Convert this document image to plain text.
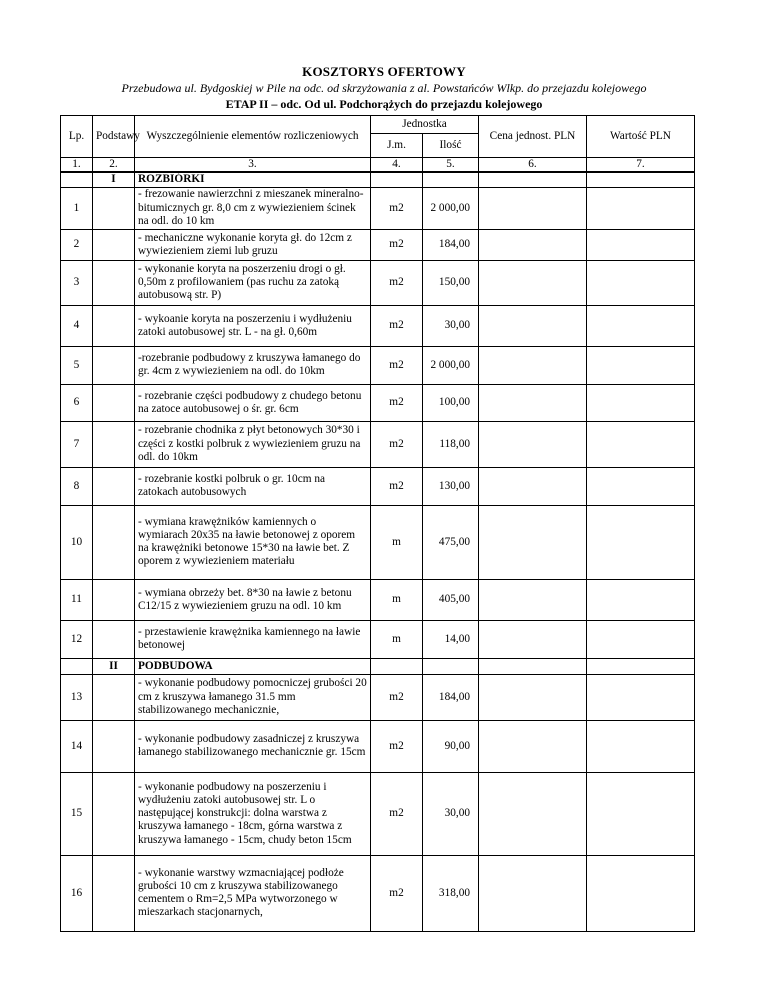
KOSZTORYS OFERTOWY
Przebudowa ul. Bydgoskiej w Pile na odc. od skrzyżowania z al. Powstańców Wlkp. do przejazdu kolejowego
ETAP II – odc. Od ul. Podchorążych do przejazdu kolejowego
Lp.	Podstawy	Wyszczególnienie elementów rozliczeniowych	Jednostka		Cena jednost. PLN	Wartość PLN
			J.m.	Ilość		
1.	2.	3.	4.	5.	6.	7.
	I	ROZBIÓRKI				
1		- frezowanie nawierzchni z mieszanek mineralno-bitumicznych gr. 8,0 cm z wywiezieniem ścinek na odl. do 10 km	m2	2 000,00		
2		- mechaniczne wykonanie koryta gł. do 12cm z wywiezieniem ziemi lub gruzu	m2	184,00		
3		- wykonanie koryta na poszerzeniu drogi o gł. 0,50m z profilowaniem (pas ruchu za zatoką autobusową str. P)	m2	150,00		
4		- wykoanie koryta na poszerzeniu i wydłużeniu zatoki autobusowej str. L - na gł. 0,60m	m2	30,00		
5		-rozebranie podbudowy z kruszywa łamanego do gr. 4cm z wywiezieniem na odl. do 10km	m2	2 000,00		
6		- rozebranie części podbudowy z chudego betonu na zatoce autobusowej o śr. gr. 6cm	m2	100,00		
7		- rozebranie chodnika z płyt betonowych 30*30 i części z kostki polbruk z wywiezieniem gruzu na odl. do 10km	m2	118,00		
8		- rozebranie kostki polbruk o gr. 10cm na zatokach autobusowych	m2	130,00		
10		- wymiana krawężników kamiennych o wymiarach 20x35 na ławie betonowej z oporem na krawężniki betonowe 15*30 na ławie bet. Z oporem z wywiezieniem materiału	m	475,00		
11		- wymiana obrzeży bet. 8*30 na ławie z betonu C12/15 z wywiezieniem gruzu na odl. 10 km	m	405,00		
12		- przestawienie krawężnika kamiennego na ławie betonowej	m	14,00		
	II	PODBUDOWA				
13		- wykonanie podbudowy pomocniczej grubości 20 cm z kruszywa łamanego 31.5 mm stabilizowanego mechanicznie,	m2	184,00		
14		- wykonanie podbudowy zasadniczej z kruszywa łamanego stabilizowanego mechanicznie gr. 15cm	m2	90,00		
15		- wykonanie podbudowy na poszerzeniu i wydłużeniu zatoki autobusowej str. L o następującej konstrukcji: dolna warstwa z kruszywa łamanego - 18cm, górna warstwa z kruszywa łamanego - 15cm, chudy beton 15cm	m2	30,00		
16		- wykonanie warstwy wzmacniającej podłoże grubości 10 cm z kruszywa stabilizowanego cementem o Rm=2,5 MPa wytworzonego w mieszarkach stacjonarnych,	m2	318,00		
